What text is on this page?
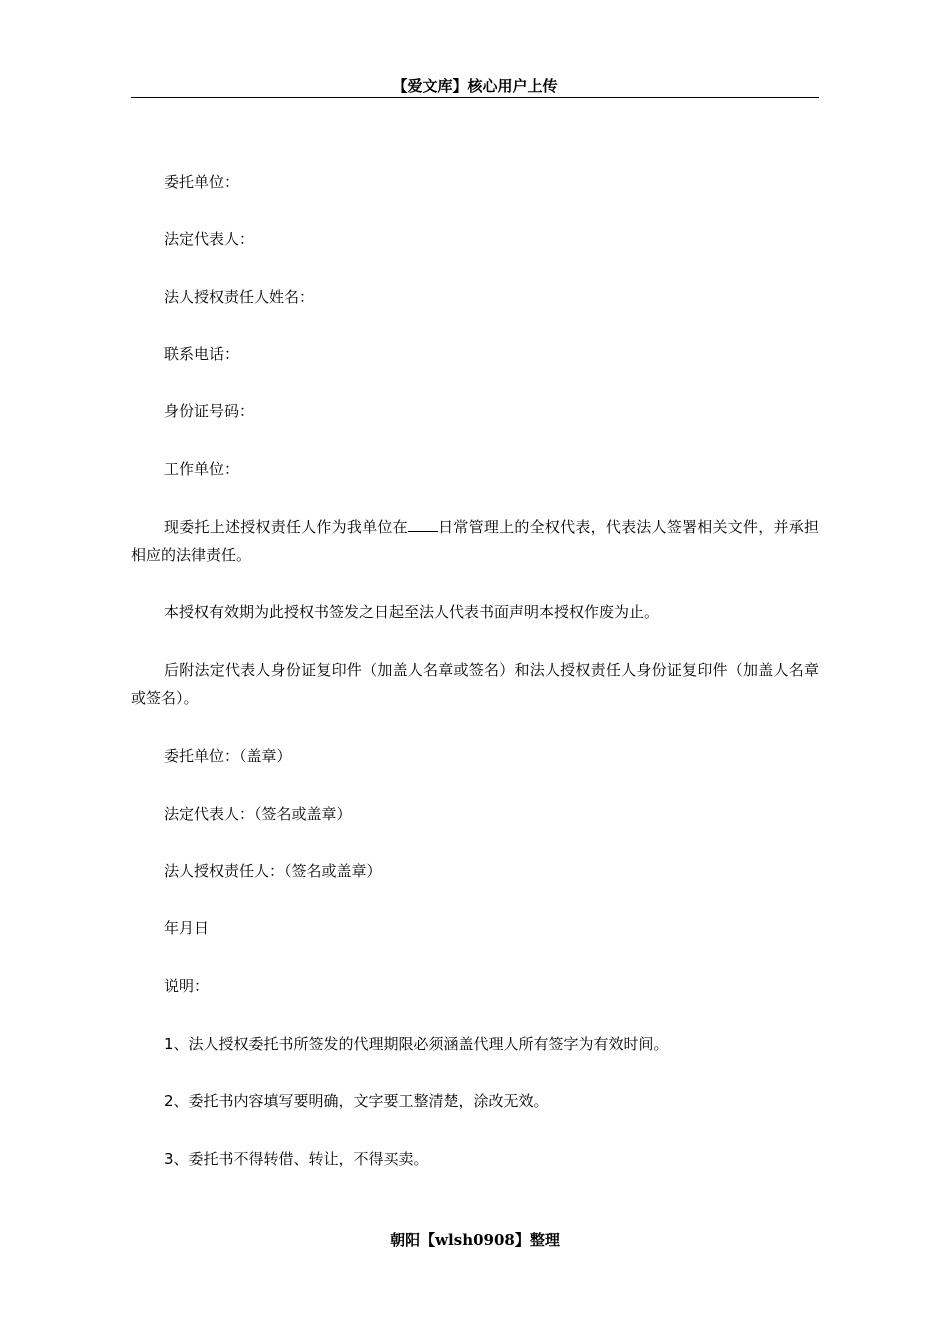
【爱文库】核心用户上传
委托单位：
法定代表人：
法人授权责任人姓名：
联系电话：
身份证号码：
工作单位：
现委托上述授权责任人作为我单位在 日常管理上的全权代表，代表法人签署相关文件，并承担相应的法律责任。
本授权有效期为此授权书签发之日起至法人代表书面声明本授权作废为止。
后附法定代表人身份证复印件（加盖人名章或签名）和法人授权责任人身份证复印件（加盖人名章或签名）。
委托单位：（盖章）
法定代表人：（签名或盖章）
法人授权责任人：（签名或盖章）
年月日
说明：
1、法人授权委托书所签发的代理期限必须涵盖代理人所有签字为有效时间。
2、委托书内容填写要明确，文字要工整清楚，涂改无效。
3、委托书不得转借、转让，不得买卖。
朝阳【wlsh0908】整理
